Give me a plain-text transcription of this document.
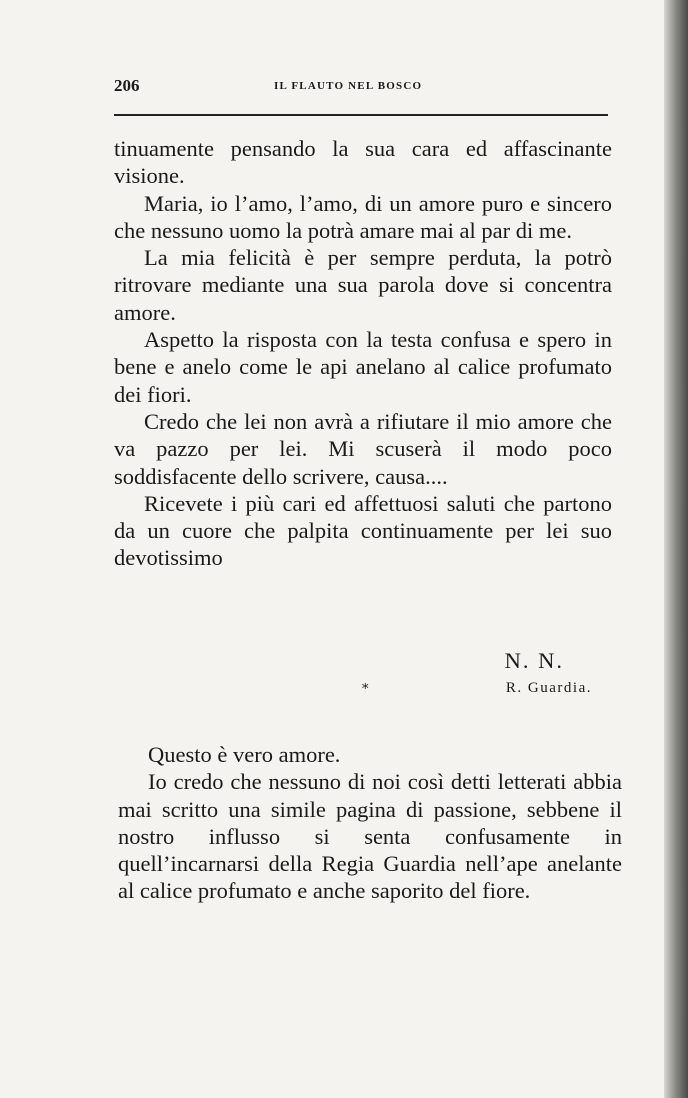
206	IL FLAUTO NEL BOSCO
tinuamente pensando la sua cara ed affascinante visione.
Maria, io l’amo, l’amo, di un amore puro e sincero che nessuno uomo la potrà amare mai al par di me.
La mia felicità è per sempre perduta, la potrò ritrovare mediante una sua parola dove si concentra amore.
Aspetto la risposta con la testa confusa e spero in bene e anelo come le api anelano al calice profumato dei fiori.
Credo che lei non avrà a rifiutare il mio amore che va pazzo per lei. Mi scuserà il modo poco soddisfacente dello scrivere, causa....
Ricevete i più cari ed affettuosi saluti che partono da un cuore che palpita continuamente per lei suo devotissimo
N. N.
*	R. Guardia.
Questo è vero amore.
Io credo che nessuno di noi così detti letterati abbia mai scritto una simile pagina di passione, sebbene il nostro influsso si senta confusamente in quell’incarnarsi della Regia Guardia nell’ape anelante al calice profumato e anche saporito del fiore.
